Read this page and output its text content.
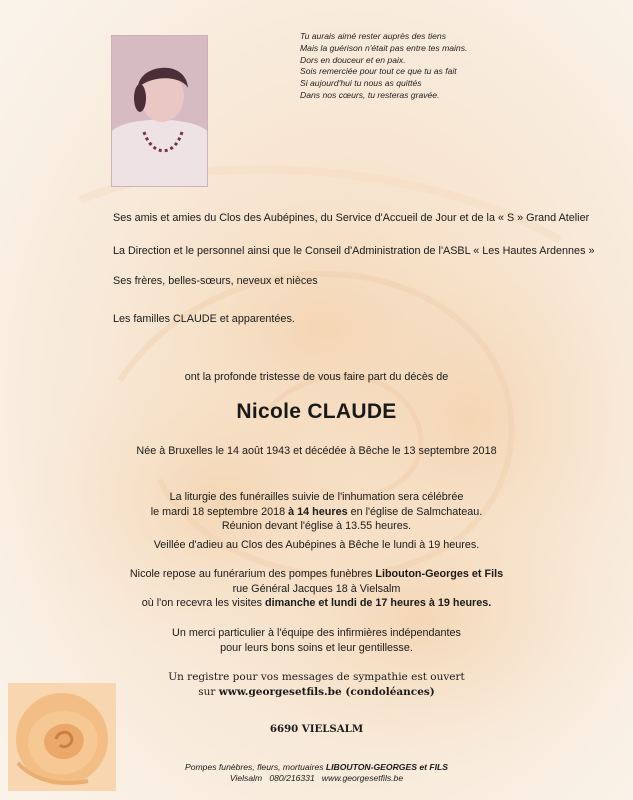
Tu aurais aimé rester auprès des tiens
Mais la guérison n'était pas entre tes mains.
Dors en douceur et en paix.
Sois remerciée pour tout ce que tu as fait
Si aujourd'hui tu nous as quittés
Dans nos cœurs, tu resteras gravée.
Ses amis et amies du Clos des Aubépines, du Service d'Accueil de Jour et de la « S » Grand Atelier
La Direction et le personnel ainsi que le Conseil d'Administration de l'ASBL « Les Hautes Ardennes »
Ses frères, belles-sœurs, neveux et nièces
Les familles CLAUDE et apparentées.
ont la profonde tristesse de vous faire part du décès de
Nicole CLAUDE
Née à Bruxelles le 14 août 1943 et décédée à Bêche le 13 septembre 2018
La liturgie des funérailles suivie de l'inhumation sera célébrée
le mardi 18 septembre 2018 à 14 heures en l'église de Salmchateau.
Réunion devant l'église à 13.55 heures.
Veillée d'adieu au Clos des Aubépines à Bêche le lundi à 19 heures.
Nicole repose au funérarium des pompes funèbres Libouton-Georges et Fils
rue Général Jacques 18 à Vielsalm
où l'on recevra les visites dimanche et lundi de 17 heures à 19 heures.
Un merci particulier à l'équipe des infirmières indépendantes
pour leurs bons soins et leur gentillesse.
Un registre pour vos messages de sympathie est ouvert
sur www.georgesetfils.be (condoléances)
6690 VIELSALM
Pompes funèbres, fleurs, mortuaires LIBOUTON-GEORGES et FILS
Vielsalm   080/216331   www.georgesetfils.be
